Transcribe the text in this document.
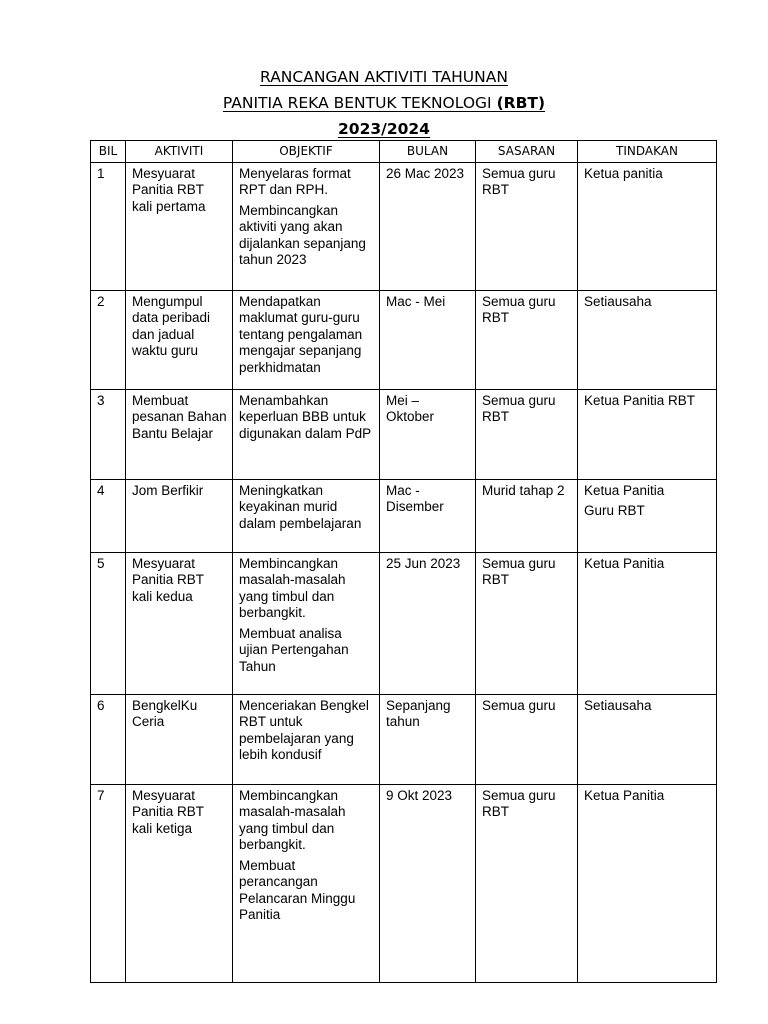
RANCANGAN AKTIVITI TAHUNAN
PANITIA REKA BENTUK TEKNOLOGI (RBT)
2023/2024
BIL	AKTIVITI	OBJEKTIF	BULAN	SASARAN	TINDAKAN
1	Mesyuarat Panitia RBT kali pertama	Menyelaras format RPT dan RPH.
Membincangkan aktiviti yang akan dijalankan sepanjang tahun 2023	26 Mac 2023	Semua guru RBT	Ketua panitia

2	Mengumpul data peribadi dan jadual waktu guru	Mendapatkan maklumat guru-guru tentang pengalaman mengajar sepanjang perkhidmatan	Mac - Mei	Semua guru RBT	Setiausaha

3	Membuat pesanan Bahan Bantu Belajar	Menambahkan keperluan BBB untuk digunakan dalam PdP	Mei – Oktober	Semua guru RBT	Ketua Panitia RBT

4	Jom Berfikir	Meningkatkan keyakinan murid dalam pembelajaran	Mac - Disember	Murid tahap 2	Ketua Panitia
Guru RBT

5	Mesyuarat Panitia RBT kali kedua	Membincangkan masalah-masalah yang timbul dan berbangkit.
Membuat analisa ujian Pertengahan Tahun	25 Jun 2023	Semua guru RBT	Ketua Panitia

6	BengkelKu Ceria	Menceriakan Bengkel RBT untuk pembelajaran yang lebih kondusif	Sepanjang tahun	Semua guru	Setiausaha

7	Mesyuarat Panitia RBT kali ketiga	Membincangkan masalah-masalah yang timbul dan berbangkit.
Membuat perancangan Pelancaran Minggu Panitia	9 Okt 2023	Semua guru RBT	Ketua Panitia
